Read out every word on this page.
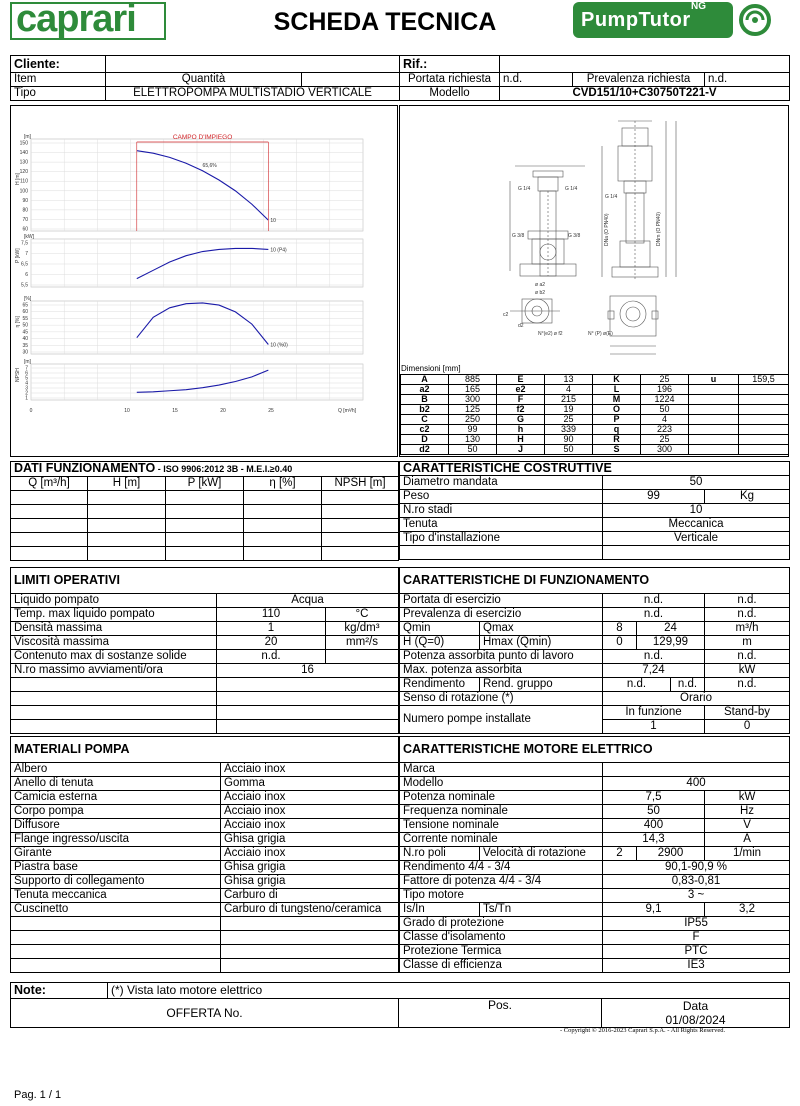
caprari	SCHEDA TECNICA	PumpTutor
NG
Cliente:			Rif.:			
Item	Quantità		Portata richiesta	n.d.	Prevalenza richiesta	n.d.
Tipo	ELETTROPOMPA MULTISTADIO VERTICALE		Modello	CVD151/10+C30750T221-V		
150
140
130
120
110
100
90
80
70
60
[m]
H [m]
65,6%
10
CAMPO D'IMPIEGO
7,5
7
6,5
6
5,5
[kW]
P [kW]	10 (P4)
65
60
55
50
45
40
35
30
[%]
η [%]
10 (%0)
7
6
5
4
3
2
1
[m]
NPSH
0	10	15	20	25	Q [m³/h]
G 1/4	G 1/4
G 3/8	G 3/8
G 1/4
DNa (O PN40)	DNm (O PN40)
ø a2
ø b2
c2
d2
N°(e2) ø f2	N° (P) ø(E)
Dimensioni [mm]
A	885	E	13	K	25	u	159,5
a2	165	e2	4	L	196		
B	300	F	215	M	1224		
b2	125	f2	19	O	50		
C	250	G	25	P	4		
c2	99	h	339	q	223		
D	130	H	90	R	25		
d2	50	J	50	S	300		
DATI FUNZIONAMENTO - ISO 9906:2012 3B - M.E.I.≥0.40				
Q [m³/h]	H [m]	P [kW]	η [%]	NPSH [m]

CARATTERISTICHE COSTRUTTIVE		
Diametro mandata	50	
Peso	99	Kg
N.ro stadi	10	
Tenuta	Meccanica	
Tipo d'installazione	Verticale	

LIMITI OPERATIVI		
Liquido pompato	Acqua	
Temp. max liquido pompato	110	°C
Densità massima	1	kg/dm³
Viscosità massima	20	mm²/s
Contenuto max di sostanze solide	n.d.	
N.ro massimo avviamenti/ora	16	

CARATTERISTICHE DI FUNZIONAMENTO					
Portata di esercizio		n.d.			n.d.
Prevalenza di esercizio		n.d.			n.d.
Qmin	Qmax	8	24		m³/h
H (Q=0)	Hmax (Qmin)	0	129,99		m
Potenza assorbita punto di lavoro		n.d.			n.d.
Max. potenza assorbita		7,24			kW
Rendimento	Rend. gruppo	n.d.		n.d.	n.d.
Senso di rotazione (*)		Orario			
Numero pompe installate		In funzione			Stand-by
		1			0
MATERIALI POMPA	
Albero	Acciaio inox
Anello di tenuta	Gomma
Camicia esterna	Acciaio inox
Corpo pompa	Acciaio inox
Diffusore	Acciaio inox
Flange ingresso/uscita	Ghisa grigia
Girante	Acciaio inox
Piastra base	Ghisa grigia
Supporto di collegamento	Ghisa grigia
Tenuta meccanica	Carburo di
Cuscinetto	Carburo di tungsteno/ceramica

CARATTERISTICHE MOTORE ELETTRICO				
Marca				
Modello		400		
Potenza nominale		7,5		kW
Frequenza nominale		50		Hz
Tensione nominale		400		V
Corrente nominale		14,3		A
N.ro poli	Velocità di rotazione	2	2900	1/min
Rendimento 4/4 - 3/4		90,1-90,9 %		
Fattore di potenza 4/4 - 3/4		0,83-0,81		
Tipo motore		3 ~		
Is/In	Ts/Tn	9,1		3,2
Grado di protezione		IP55		
Classe d'isolamento		F		
Protezione Termica		PTC		
Classe di efficienza		IE3		
Note:	(*) Vista lato motore elettrico		
OFFERTA No.		Pos.	Data
01/08/2024
- Copyright © 2016-2023 Caprari S.p.A. - All Rights Reserved.
Pag. 1 / 1
